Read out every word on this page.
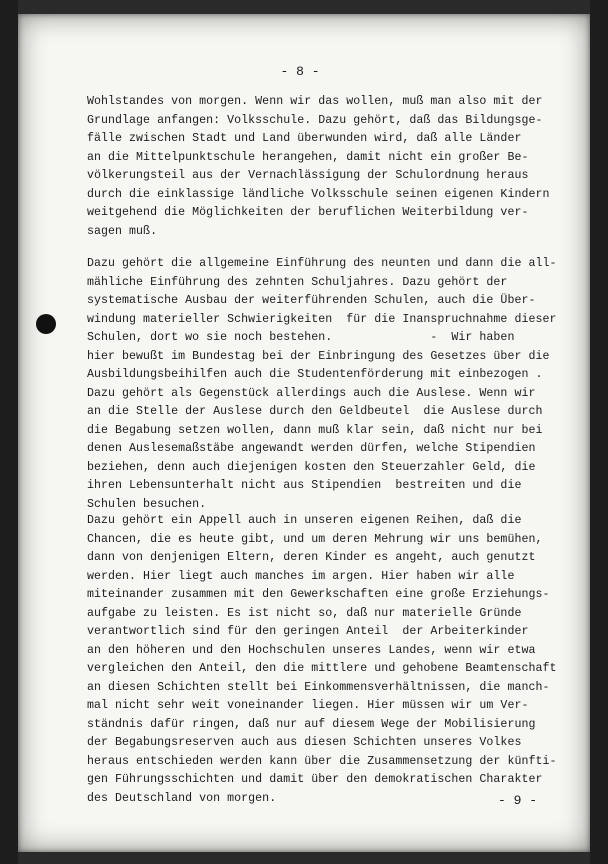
- 8 -
Wohlstandes von morgen. Wenn wir das wollen, muß man also mit der
Grundlage anfangen: Volksschule. Dazu gehört, daß das Bildungsge-
fälle zwischen Stadt und Land überwunden wird, daß alle Länder
an die Mittelpunktschule herangehen, damit nicht ein großer Be-
völkerungsteil aus der Vernachlässigung der Schulordnung heraus
durch die einklassige ländliche Volksschule seinen eigenen Kindern
weitgehend die Möglichkeiten der beruflichen Weiterbildung ver-
sagen muß.
Dazu gehört die allgemeine Einführung des neunten und dann die all-
mähliche Einführung des zehnten Schuljahres. Dazu gehört der
systematische Ausbau der weiterführenden Schulen, auch die Über-
windung materieller Schwierigkeiten  für die Inanspruchnahme dieser
Schulen, dort wo sie noch bestehen.              -  Wir haben
hier bewußt im Bundestag bei der Einbringung des Gesetzes über die
Ausbildungsbeihilfen auch die Studentenförderung mit einbezogen .
Dazu gehört als Gegenstück allerdings auch die Auslese. Wenn wir
an die Stelle der Auslese durch den Geldbeutel  die Auslese durch
die Begabung setzen wollen, dann muß klar sein, daß nicht nur bei
denen Auslesemaßstäbe angewandt werden dürfen, welche Stipendien
beziehen, denn auch diejenigen kosten den Steuerzahler Geld, die
ihren Lebensunterhalt nicht aus Stipendien  bestreiten und die
Schulen besuchen.
Dazu gehört ein Appell auch in unseren eigenen Reihen, daß die
Chancen, die es heute gibt, und um deren Mehrung wir uns bemühen,
dann von denjenigen Eltern, deren Kinder es angeht, auch genutzt
werden. Hier liegt auch manches im argen. Hier haben wir alle
miteinander zusammen mit den Gewerkschaften eine große Erziehungs-
aufgabe zu leisten. Es ist nicht so, daß nur materielle Gründe
verantwortlich sind für den geringen Anteil  der Arbeiterkinder
an den höheren und den Hochschulen unseres Landes, wenn wir etwa
vergleichen den Anteil, den die mittlere und gehobene Beamtenschaft
an diesen Schichten stellt bei Einkommensverhältnissen, die manch-
mal nicht sehr weit voneinander liegen. Hier müssen wir um Ver-
ständnis dafür ringen, daß nur auf diesem Wege der Mobilisierung
der Begabungsreserven auch aus diesen Schichten unseres Volkes
heraus entschieden werden kann über die Zusammensetzung der künfti-
gen Führungsschichten und damit über den demokratischen Charakter
des Deutschland von morgen.	- 9 -
